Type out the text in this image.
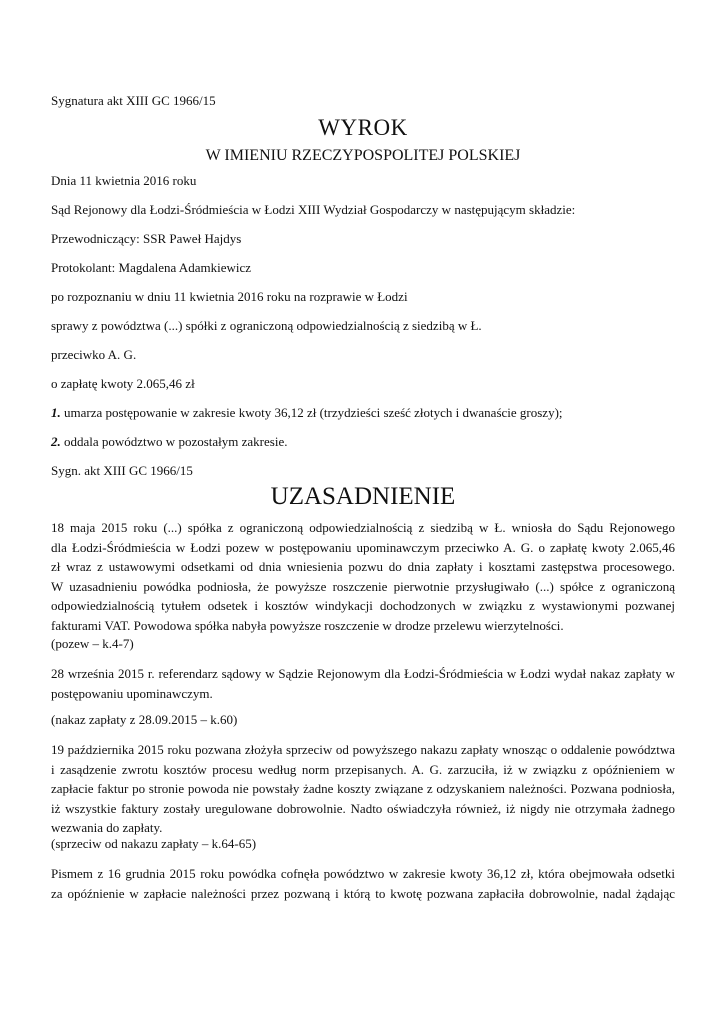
Sygnatura akt XIII GC 1966/15
WYROK
W IMIENIU RZECZYPOSPOLITEJ POLSKIEJ
Dnia 11 kwietnia 2016 roku
Sąd Rejonowy dla Łodzi-Śródmieścia w Łodzi XIII Wydział Gospodarczy w następującym składzie:
Przewodniczący: SSR Paweł Hajdys
Protokolant: Magdalena Adamkiewicz
po rozpoznaniu w dniu 11 kwietnia 2016 roku na rozprawie w Łodzi
sprawy z powództwa (...) spółki z ograniczoną odpowiedzialnością z siedzibą w Ł.
przeciwko A. G.
o zapłatę kwoty 2.065,46 zł
1. umarza postępowanie w zakresie kwoty 36,12 zł (trzydzieści sześć złotych i dwanaście groszy);
2. oddala powództwo w pozostałym zakresie.
Sygn. akt XIII GC 1966/15
UZASADNIENIE
18 maja 2015 roku (...) spółka z ograniczoną odpowiedzialnością z siedzibą w Ł. wniosła do Sądu Rejonowego
dla Łodzi-Śródmieścia w Łodzi pozew w postępowaniu upominawczym przeciwko A. G. o zapłatę kwoty 2.065,46
zł wraz z ustawowymi odsetkami od dnia wniesienia pozwu do dnia zapłaty i kosztami zastępstwa procesowego.
W uzasadnieniu powódka podniosła, że powyższe roszczenie pierwotnie przysługiwało (...) spółce z ograniczoną
odpowiedzialnością tytułem odsetek i kosztów windykacji dochodzonych w związku z wystawionymi pozwanej
fakturami VAT. Powodowa spółka nabyła powyższe roszczenie w drodze przelewu wierzytelności.
(pozew – k.4-7)
28 września 2015 r. referendarz sądowy w Sądzie Rejonowym dla Łodzi-Śródmieścia w Łodzi wydał nakaz zapłaty w
postępowaniu upominawczym.
(nakaz zapłaty z 28.09.2015 – k.60)
19 października 2015 roku pozwana złożyła sprzeciw od powyższego nakazu zapłaty wnosząc o oddalenie powództwa
i zasądzenie zwrotu kosztów procesu według norm przepisanych. A. G. zarzuciła, iż w związku z opóźnieniem w
zapłacie faktur po stronie powoda nie powstały żadne koszty związane z odzyskaniem należności. Pozwana podniosła,
iż wszystkie faktury zostały uregulowane dobrowolnie. Nadto oświadczyła również, iż nigdy nie otrzymała żadnego
wezwania do zapłaty.
(sprzeciw od nakazu zapłaty – k.64-65)
Pismem z 16 grudnia 2015 roku powódka cofnęła powództwo w zakresie kwoty 36,12 zł, która obejmowała odsetki
za opóźnienie w zapłacie należności przez pozwaną i którą to kwotę pozwana zapłaciła dobrowolnie, nadal żądając
